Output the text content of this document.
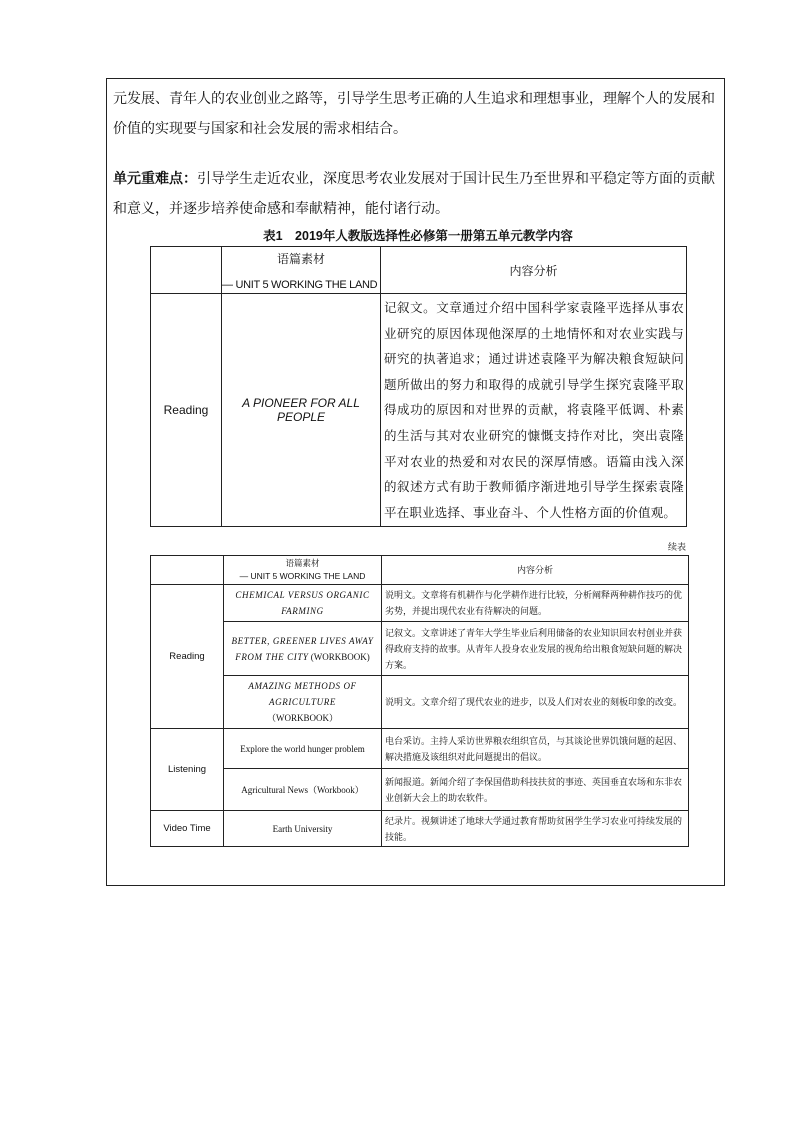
元发展、青年人的农业创业之路等，引导学生思考正确的人生追求和理想事业，理解个人的发展和
价值的实现要与国家和社会发展的需求相结合。
单元重难点：引导学生走近农业，深度思考农业发展对于国计民生乃至世界和平稳定等方面的贡献
和意义，并逐步培养使命感和奉献精神，能付诸行动。
表1　2019年人教版选择性必修第一册第五单元教学内容

	语篇素材
— UNIT 5 WORKING THE LAND	内容分析
Reading	A PIONEER FOR ALL PEOPLE	记叙文。文章通过介绍中国科学家袁隆平选择从事农业研究的原因体现他深厚的土地情怀和对农业实践与研究的执著追求；通过讲述袁隆平为解决粮食短缺问题所做出的努力和取得的成就引导学生探究袁隆平取得成功的原因和对世界的贡献，将袁隆平低调、朴素的生活与其对农业研究的慷慨支持作对比，突出袁隆平对农业的热爱和对农民的深厚情感。语篇由浅入深的叙述方式有助于教师循序渐进地引导学生探索袁隆平在职业选择、事业奋斗、个人性格方面的价值观。
续表

	语篇素材
— UNIT 5 WORKING THE LAND	内容分析
Reading	CHEMICAL VERSUS ORGANIC
FARMING	说明文。文章将有机耕作与化学耕作进行比较，分析阐释两种耕作技巧的优劣势，并提出现代农业有待解决的问题。

	BETTER, GREENER LIVES AWAY
FROM THE CITY (WORKBOOK)	记叙文。文章讲述了青年大学生毕业后利用储备的农业知识回农村创业并获得政府支持的故事。从青年人投身农业发展的视角给出粮食短缺问题的解决方案。

	AMAZING METHODS OF
AGRICULTURE
（WORKBOOK）	说明文。文章介绍了现代农业的进步，以及人们对农业的刻板印象的改变。
Listening	Explore the world hunger problem	电台采访。主持人采访世界粮农组织官员，与其谈论世界饥饿问题的起因、解决措施及该组织对此问题提出的倡议。
	Agricultural News（Workbook）	新闻报道。新闻介绍了李保国借助科技扶贫的事迹、英国垂直农场和东非农业创新大会上的助农软件。
Video Time	Earth University	纪录片。视频讲述了地球大学通过教育帮助贫困学生学习农业可持续发展的技能。
